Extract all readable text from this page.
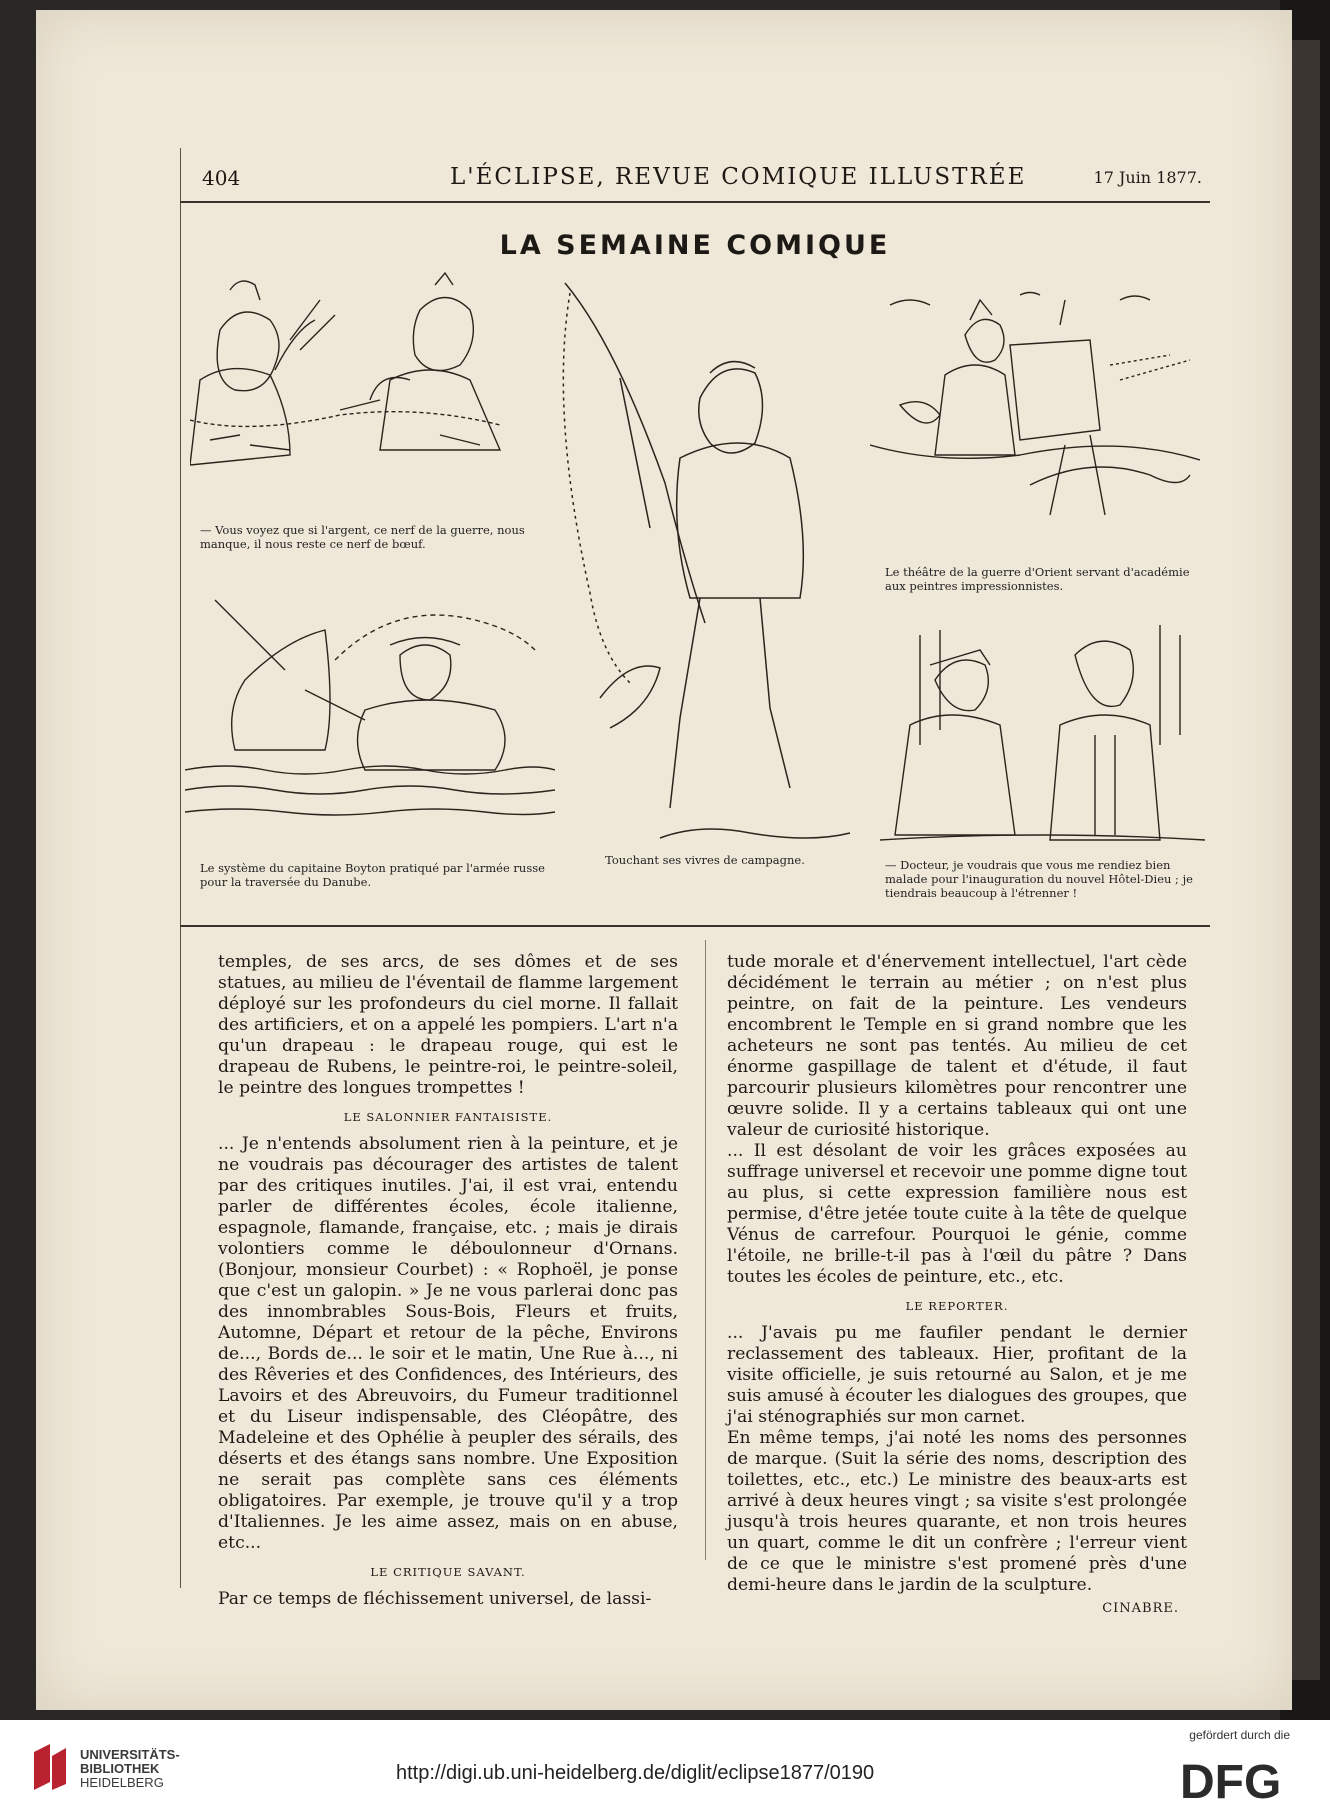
404	L'ÉCLIPSE, REVUE COMIQUE ILLUSTRÉE	17 Juin 1877.
LA SEMAINE COMIQUE
— Vous voyez que si l'argent, ce nerf de la guerre, nous manque, il nous reste ce nerf de bœuf.
Touchant ses vivres de campagne.
Le théâtre de la guerre d'Orient servant d'académie aux peintres impressionnistes.
Le système du capitaine Boyton pratiqué par l'armée russe pour la traversée du Danube.
— Docteur, je voudrais que vous me rendiez bien malade pour l'inauguration du nouvel Hôtel-Dieu ; je tiendrais beaucoup à l'étrenner !

temples, de ses arcs, de ses dômes et de ses statues, au milieu de l'éventail de flamme largement déployé sur les profondeurs du ciel morne. Il fallait des artificiers, et on a appelé les pompiers. L'art n'a qu'un drapeau : le drapeau rouge, qui est le drapeau de Rubens, le peintre-roi, le peintre-soleil, le peintre des longues trompettes !

LE SALONNIER FANTAISISTE.

... Je n'entends absolument rien à la peinture, et je ne voudrais pas décourager des artistes de talent par des critiques inutiles. J'ai, il est vrai, entendu parler de différentes écoles, école italienne, espagnole, flamande, française, etc. ; mais je dirais volontiers comme le déboulonneur d'Ornans. (Bonjour, monsieur Courbet) : « Rophoël, je ponse que c'est un galopin. » Je ne vous parlerai donc pas des innombrables Sous-Bois, Fleurs et fruits, Automne, Départ et retour de la pêche, Environs de..., Bords de... le soir et le matin, Une Rue à..., ni des Rêveries et des Confidences, des Intérieurs, des Lavoirs et des Abreuvoirs, du Fumeur traditionnel et du Liseur indispensable, des Cléopâtre, des Madeleine et des Ophélie à peupler des sérails, des déserts et des étangs sans nombre. Une Exposition ne serait pas complète sans ces éléments obligatoires. Par exemple, je trouve qu'il y a trop d'Italiennes. Je les aime assez, mais on en abuse, etc...

LE CRITIQUE SAVANT.

Par ce temps de fléchissement universel, de lassi-

tude morale et d'énervement intellectuel, l'art cède décidément le terrain au métier ; on n'est plus peintre, on fait de la peinture. Les vendeurs encombrent le Temple en si grand nombre que les acheteurs ne sont pas tentés. Au milieu de cet énorme gaspillage de talent et d'étude, il faut parcourir plusieurs kilomètres pour rencontrer une œuvre solide. Il y a certains tableaux qui ont une valeur de curiosité historique.

... Il est désolant de voir les grâces exposées au suffrage universel et recevoir une pomme digne tout au plus, si cette expression familière nous est permise, d'être jetée toute cuite à la tête de quelque Vénus de carrefour. Pourquoi le génie, comme l'étoile, ne brille-t-il pas à l'œil du pâtre ? Dans toutes les écoles de peinture, etc., etc.

LE REPORTER.

... J'avais pu me faufiler pendant le dernier reclassement des tableaux. Hier, profitant de la visite officielle, je suis retourné au Salon, et je me suis amusé à écouter les dialogues des groupes, que j'ai sténographiés sur mon carnet.

En même temps, j'ai noté les noms des personnes de marque. (Suit la série des noms, description des toilettes, etc., etc.) Le ministre des beaux-arts est arrivé à deux heures vingt ; sa visite s'est prolongée jusqu'à trois heures quarante, et non trois heures un quart, comme le dit un confrère ; l'erreur vient de ce que le ministre s'est promené près d'une demi-heure dans le jardin de la sculpture.

CINABRE.
UNIVERSITÄTS-
BIBLIOTHEK
HEIDELBERG	http://digi.ub.uni-heidelberg.de/diglit/eclipse1877/0190
gefördert durch die
DFG
